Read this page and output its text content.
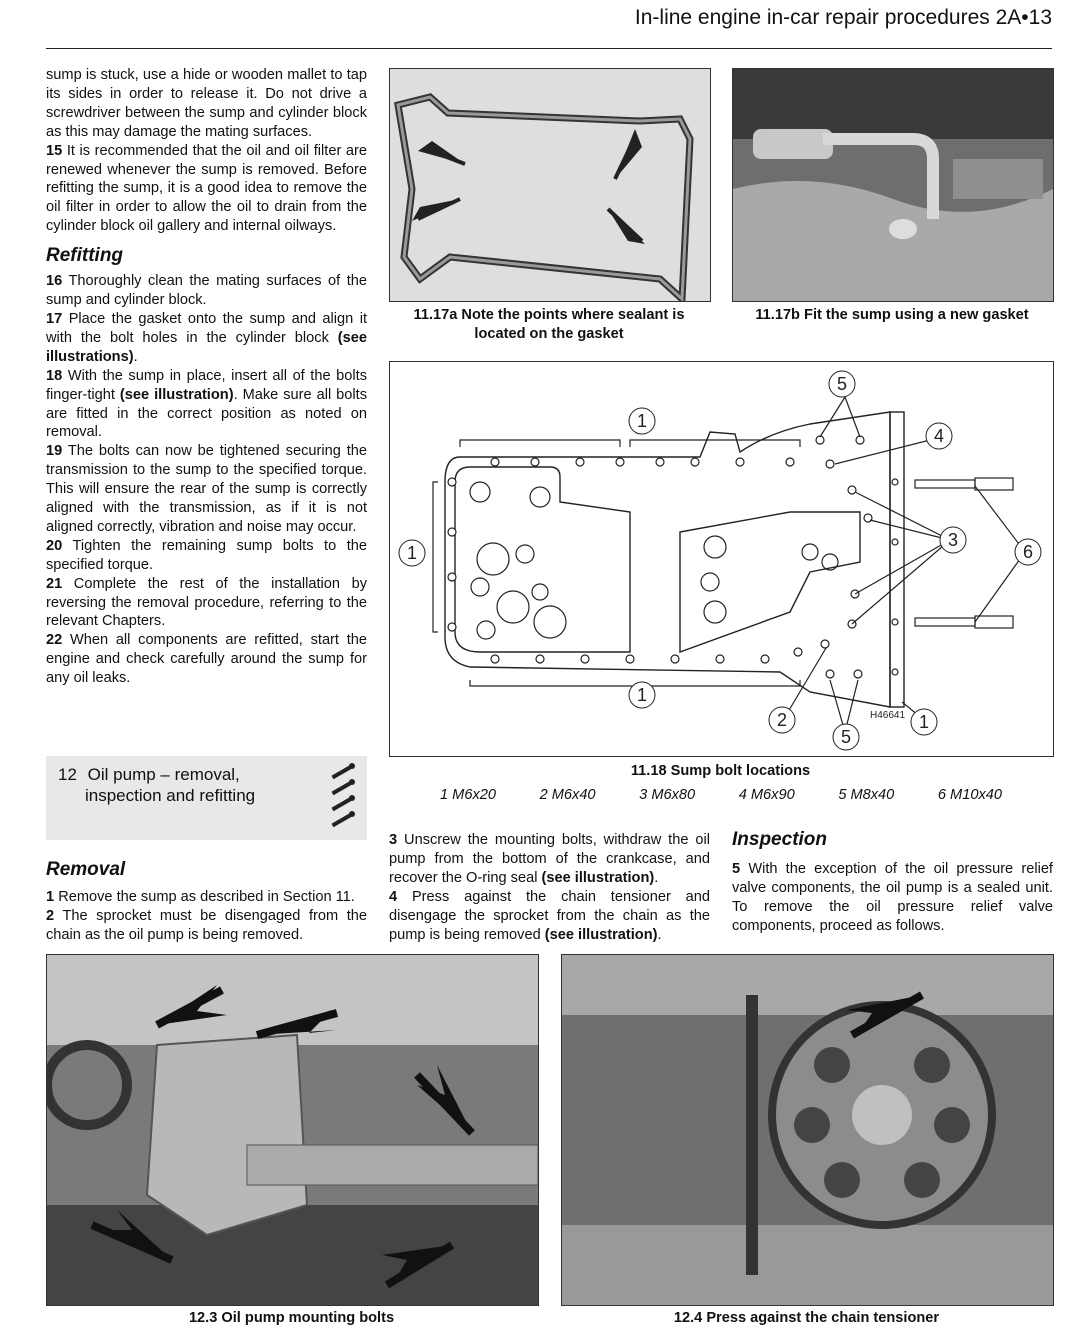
In-line engine in-car repair procedures 2A•13

sump is stuck, use a hide or wooden mallet to tap its sides in order to release it. Do not drive a screwdriver between the sump and cylinder block as this may damage the mating surfaces.

15 It is recommended that the oil and oil filter are renewed whenever the sump is removed. Before refitting the sump, it is a good idea to remove the oil filter in order to allow the oil to drain from the cylinder block oil gallery and internal oilways.

Refitting

16 Thoroughly clean the mating surfaces of the sump and cylinder block.

17 Place the gasket onto the sump and align it with the bolt holes in the cylinder block (see illustrations).

18 With the sump in place, insert all of the bolts finger-tight (see illustration). Make sure all bolts are fitted in the correct position as noted on removal.

19 The bolts can now be tightened securing the transmission to the sump to the specified torque. This will ensure the rear of the sump is correctly aligned with the transmission, as if it is not aligned correctly, vibration and noise may occur.

20 Tighten the remaining sump bolts to the specified torque.

21 Complete the rest of the installation by reversing the removal procedure, referring to the relevant Chapters.

22 When all components are refitted, start the engine and check carefully around the sump for any oil leaks.

12 Oil pump – removal,
inspection and refitting
Removal

1 Remove the sump as described in Section 11.

2 The sprocket must be disengaged from the chain as the oil pump is being removed.

11.17a Note the points where sealant is
located on the gasket
11.17b Fit the sump using a new gasket
1
1
1
1
2
3
4
5
5
6
H46641
11.18 Sump bolt locations
1 M6x20	2 M6x40	3 M6x80	4 M6x90	5 M8x40	6 M10x40

3 Unscrew the mounting bolts, withdraw the oil pump from the bottom of the crankcase, and recover the O-ring seal (see illustration).

4 Press against the chain tensioner and disengage the sprocket from the chain as the pump is being removed (see illustration).

Inspection

5 With the exception of the oil pressure relief valve components, the oil pump is a sealed unit. To remove the oil pressure relief valve components, proceed as follows.

12.3 Oil pump mounting bolts	12.4 Press against the chain tensioner
